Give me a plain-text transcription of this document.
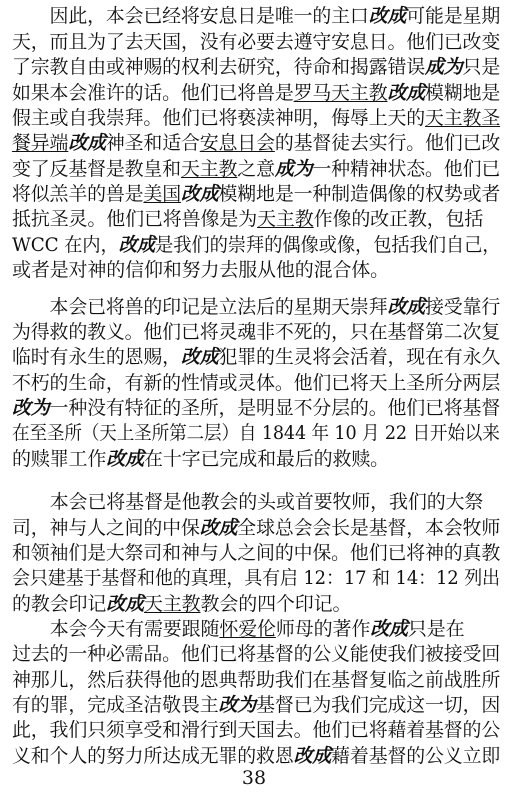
　　因此，本会已经将安息日是唯一的主口改成可能是星期
天，而且为了去天国，没有必要去遵守安息日。他们已改变
了宗教自由或神赐的权利去研究，待命和揭露错误成为只是
如果本会准许的话。他们已将兽是罗马天主教改成模糊地是
假主或自我崇拜。他们已将亵渎神明，侮辱上天的天主教圣
餐异端改成神圣和适合安息日会的基督徒去实行。他们已改
变了反基督是教皇和天主教之意成为一种精神状态。他们已
将似羔羊的兽是美国改成模糊地是一种制造偶像的权势或者
抵抗圣灵。他们已将兽像是为天主教作像的改正教，包括
WCC 在内，改成是我们的崇拜的偶像或像，包括我们自己，
或者是对神的信仰和努力去服从他的混合体。
　　本会已将兽的印记是立法后的星期天崇拜改成接受靠行
为得救的教义。他们已将灵魂非不死的，只在基督第二次复
临时有永生的恩赐，改成犯罪的生灵将会活着，现在有永久
不朽的生命，有新的性情或灵体。他们已将天上圣所分两层
改为一种没有特征的圣所，是明显不分层的。他们已将基督
在至圣所（天上圣所第二层）自 1844 年 10 月 22 日开始以来
的赎罪工作改成在十字已完成和最后的救赎。
　　本会已将基督是他教会的头或首要牧师，我们的大祭
司，神与人之间的中保改成全球总会会长是基督，本会牧师
和领袖们是大祭司和神与人之间的中保。他们已将神的真教
会只建基于基督和他的真理，具有启 12：17 和 14：12 列出
的教会印记改成天主教教会的四个印记。
　　本会今天有需要跟随怀爱伦师母的著作改成只是在
过去的一种必需品。他们已将基督的公义能使我们被接受回
神那儿，然后获得他的恩典帮助我们在基督复临之前战胜所
有的罪，完成圣洁敬畏主改为基督已为我们完成这一切，因
此，我们只须享受和滑行到天国去。他们已将藉着基督的公
义和个人的努力所达成无罪的救恩改成藉着基督的公义立即
38
